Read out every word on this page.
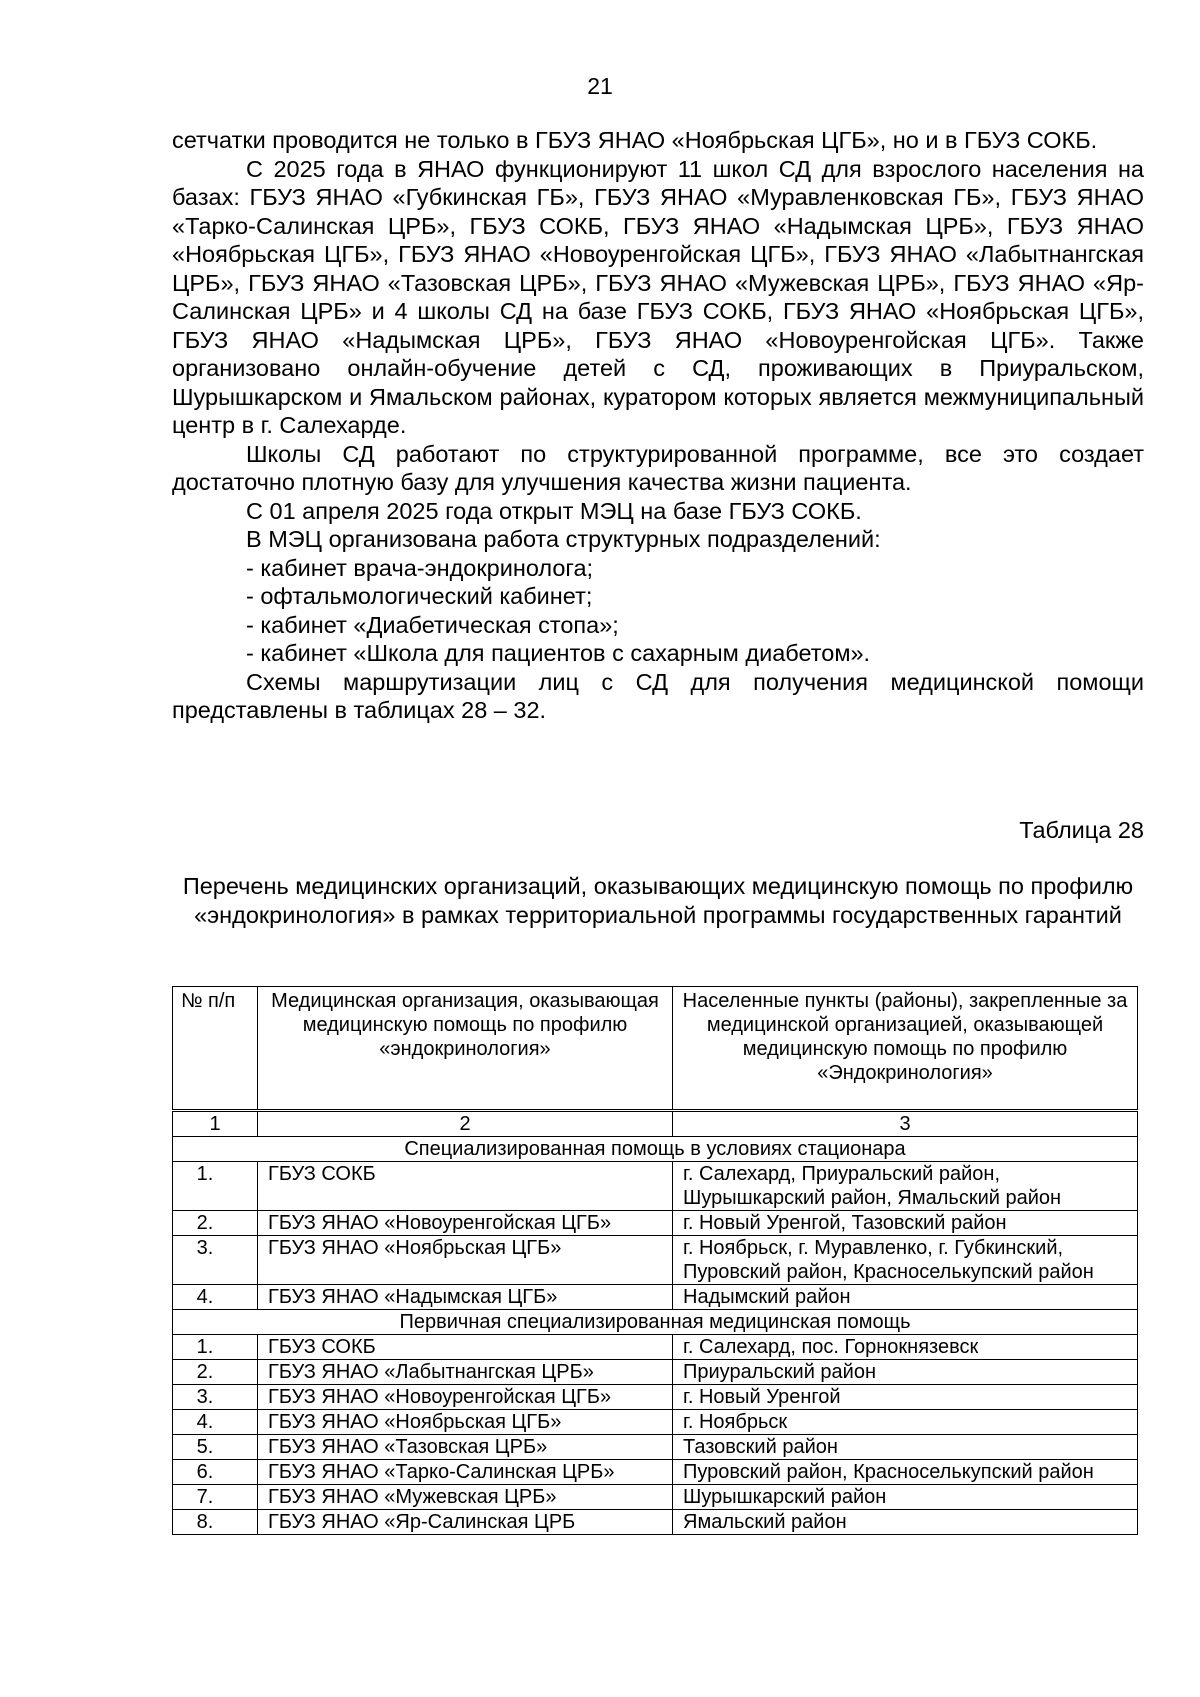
21

сетчатки проводится не только в ГБУЗ ЯНАО «Ноябрьская ЦГБ», но и в ГБУЗ СОКБ.

С 2025 года в ЯНАО функционируют 11 школ СД для взрослого населения на базах: ГБУЗ ЯНАО «Губкинская ГБ», ГБУЗ ЯНАО «Муравленковская ГБ», ГБУЗ ЯНАО «Тарко-Салинская ЦРБ», ГБУЗ СОКБ, ГБУЗ ЯНАО «Надымская ЦРБ», ГБУЗ ЯНАО «Ноябрьская ЦГБ», ГБУЗ ЯНАО «Новоуренгойская ЦГБ», ГБУЗ ЯНАО «Лабытнангская ЦРБ», ГБУЗ ЯНАО «Тазовская ЦРБ», ГБУЗ ЯНАО «Мужевская ЦРБ», ГБУЗ ЯНАО «Яр-Салинская ЦРБ» и 4 школы СД на базе ГБУЗ СОКБ, ГБУЗ ЯНАО «Ноябрьская ЦГБ», ГБУЗ ЯНАО «Надымская ЦРБ», ГБУЗ ЯНАО «Новоуренгойская ЦГБ». Также организовано онлайн-обучение детей с СД, проживающих в Приуральском, Шурышкарском и Ямальском районах, куратором которых является межмуниципальный центр в г. Салехарде.

Школы СД работают по структурированной программе, все это создает достаточно плотную базу для улучшения качества жизни пациента.

С 01 апреля 2025 года открыт МЭЦ на базе ГБУЗ СОКБ.

В МЭЦ организована работа структурных подразделений:

- кабинет врача-эндокринолога;

- офтальмологический кабинет;

- кабинет «Диабетическая стопа»;

- кабинет «Школа для пациентов с сахарным диабетом».

Схемы маршрутизации лиц с СД для получения медицинской помощи представлены в таблицах 28 – 32.

Таблица 28
Перечень медицинских организаций, оказывающих медицинскую помощь по профилю «эндокринология» в рамках территориальной программы государственных гарантий
№ п/п	Медицинская организация, оказывающая медицинскую помощь по профилю «эндокринология»	Населенные пункты (районы), закрепленные за медицинской организацией, оказывающей медицинскую помощь по профилю «Эндокринология»
1	2	3
Специализированная помощь в условиях стационара		
1.	ГБУЗ СОКБ	г. Салехард, Приуральский район, Шурышкарский район, Ямальский район
2.	ГБУЗ ЯНАО «Новоуренгойская ЦГБ»	г. Новый Уренгой, Тазовский район
3.	ГБУЗ ЯНАО «Ноябрьская ЦГБ»	г. Ноябрьск, г. Муравленко, г. Губкинский, Пуровский район, Красноселькупский район
4.	ГБУЗ ЯНАО «Надымская ЦГБ»	Надымский район
Первичная специализированная медицинская помощь		
1.	ГБУЗ СОКБ	г. Салехард, пос. Горнокнязевск
2.	ГБУЗ ЯНАО «Лабытнангская ЦРБ»	Приуральский район
3.	ГБУЗ ЯНАО «Новоуренгойская ЦГБ»	г. Новый Уренгой
4.	ГБУЗ ЯНАО «Ноябрьская ЦГБ»	г. Ноябрьск
5.	ГБУЗ ЯНАО «Тазовская ЦРБ»	Тазовский район
6.	ГБУЗ ЯНАО «Тарко-Салинская ЦРБ»	Пуровский район, Красноселькупский район
7.	ГБУЗ ЯНАО «Мужевская ЦРБ»	Шурышкарский район
8.	ГБУЗ ЯНАО «Яр-Салинская ЦРБ	Ямальский район
